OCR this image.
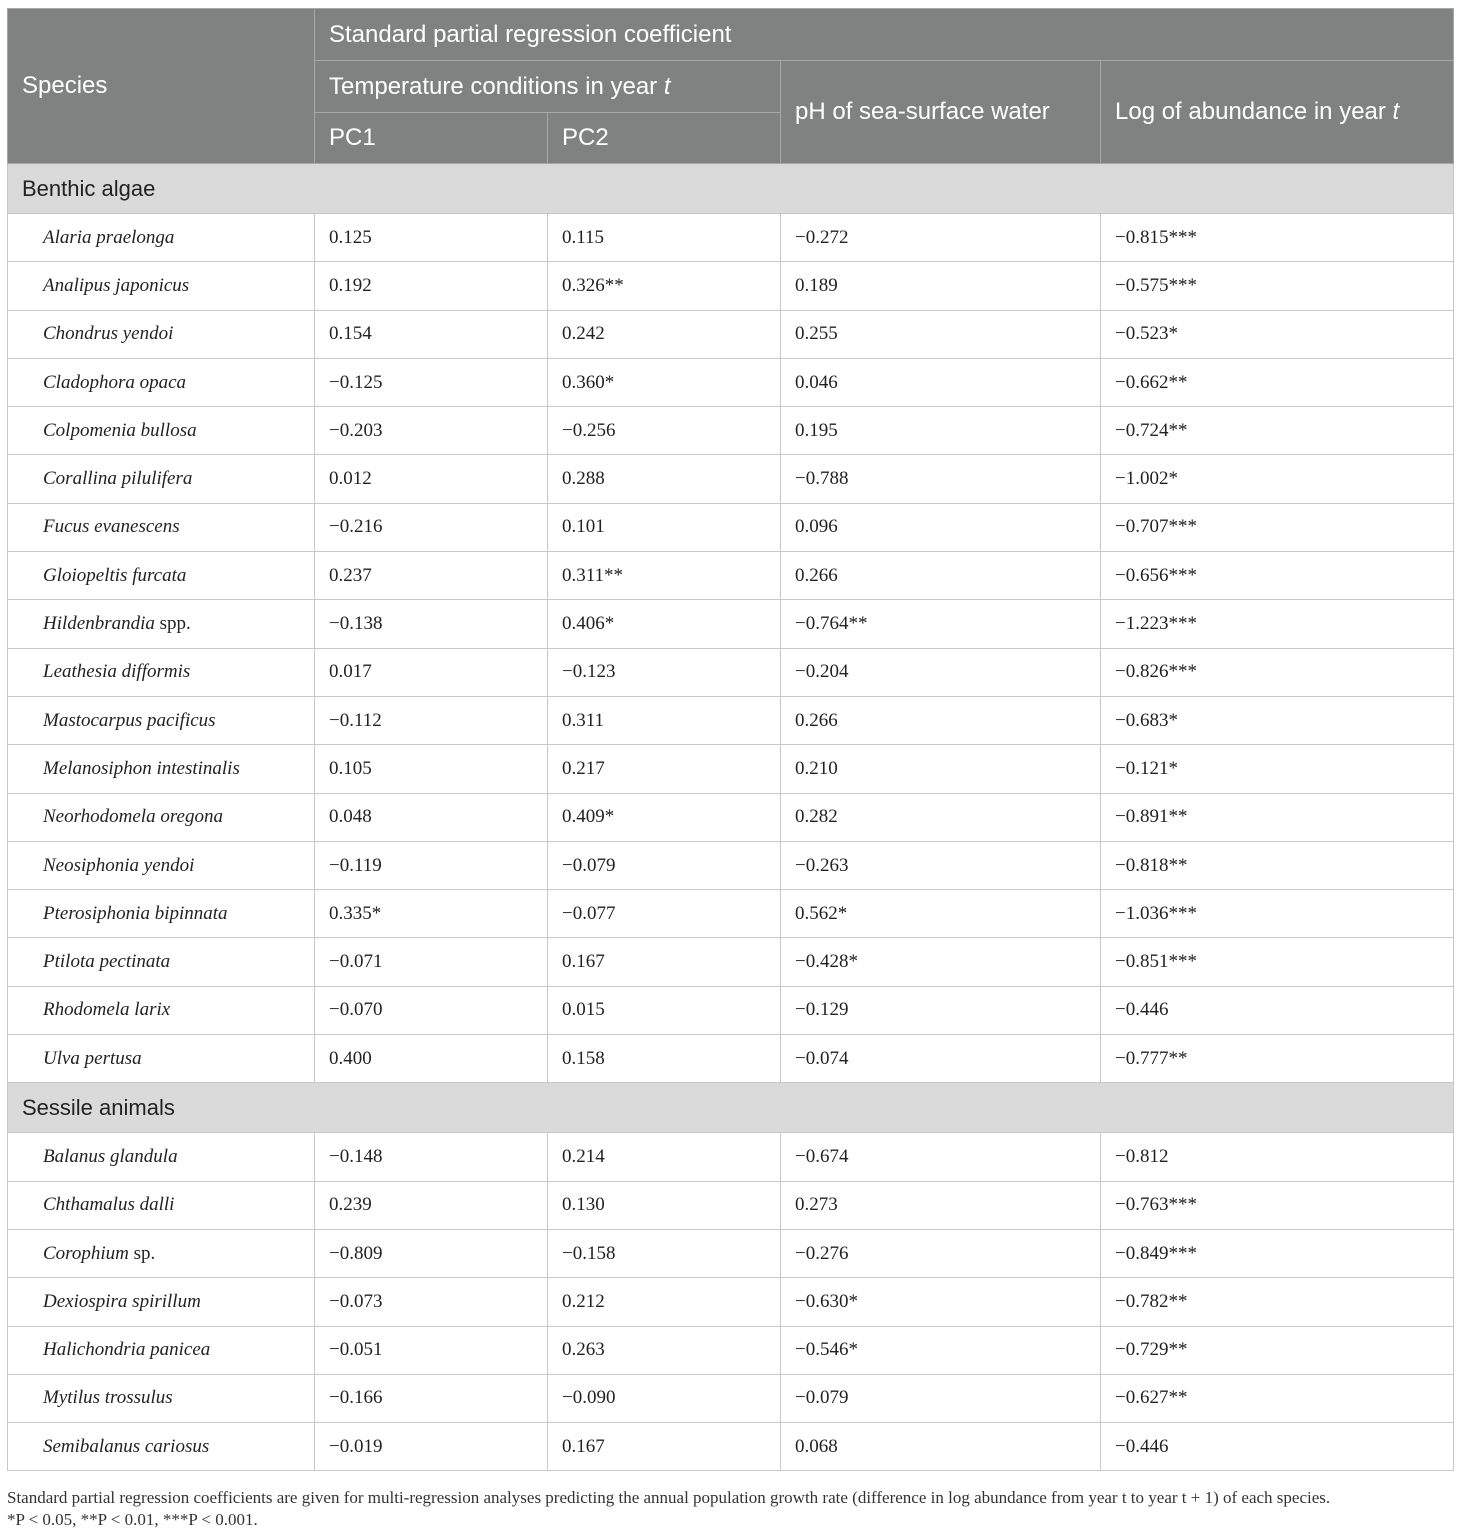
Species	Standard partial regression coefficient			
	Temperature conditions in year t		pH of sea-surface water	Log of abundance in year t
	PC1	PC2		
Benthic algae				
Alaria praelonga	0.125	0.115	−0.272	−0.815***
Analipus japonicus	0.192	0.326**	0.189	−0.575***
Chondrus yendoi	0.154	0.242	0.255	−0.523*
Cladophora opaca	−0.125	0.360*	0.046	−0.662**
Colpomenia bullosa	−0.203	−0.256	0.195	−0.724**
Corallina pilulifera	0.012	0.288	−0.788	−1.002*
Fucus evanescens	−0.216	0.101	0.096	−0.707***
Gloiopeltis furcata	0.237	0.311**	0.266	−0.656***
Hildenbrandia spp.	−0.138	0.406*	−0.764**	−1.223***
Leathesia difformis	0.017	−0.123	−0.204	−0.826***
Mastocarpus pacificus	−0.112	0.311	0.266	−0.683*
Melanosiphon intestinalis	0.105	0.217	0.210	−0.121*
Neorhodomela oregona	0.048	0.409*	0.282	−0.891**
Neosiphonia yendoi	−0.119	−0.079	−0.263	−0.818**
Pterosiphonia bipinnata	0.335*	−0.077	0.562*	−1.036***
Ptilota pectinata	−0.071	0.167	−0.428*	−0.851***
Rhodomela larix	−0.070	0.015	−0.129	−0.446
Ulva pertusa	0.400	0.158	−0.074	−0.777**
Sessile animals				
Balanus glandula	−0.148	0.214	−0.674	−0.812
Chthamalus dalli	0.239	0.130	0.273	−0.763***
Corophium sp.	−0.809	−0.158	−0.276	−0.849***
Dexiospira spirillum	−0.073	0.212	−0.630*	−0.782**
Halichondria panicea	−0.051	0.263	−0.546*	−0.729**
Mytilus trossulus	−0.166	−0.090	−0.079	−0.627**
Semibalanus cariosus	−0.019	0.167	0.068	−0.446
Standard partial regression coefficients are given for multi-regression analyses predicting the annual population growth rate (difference in log abundance from year t to year t + 1) of each species.
*P < 0.05, **P < 0.01, ***P < 0.001.
